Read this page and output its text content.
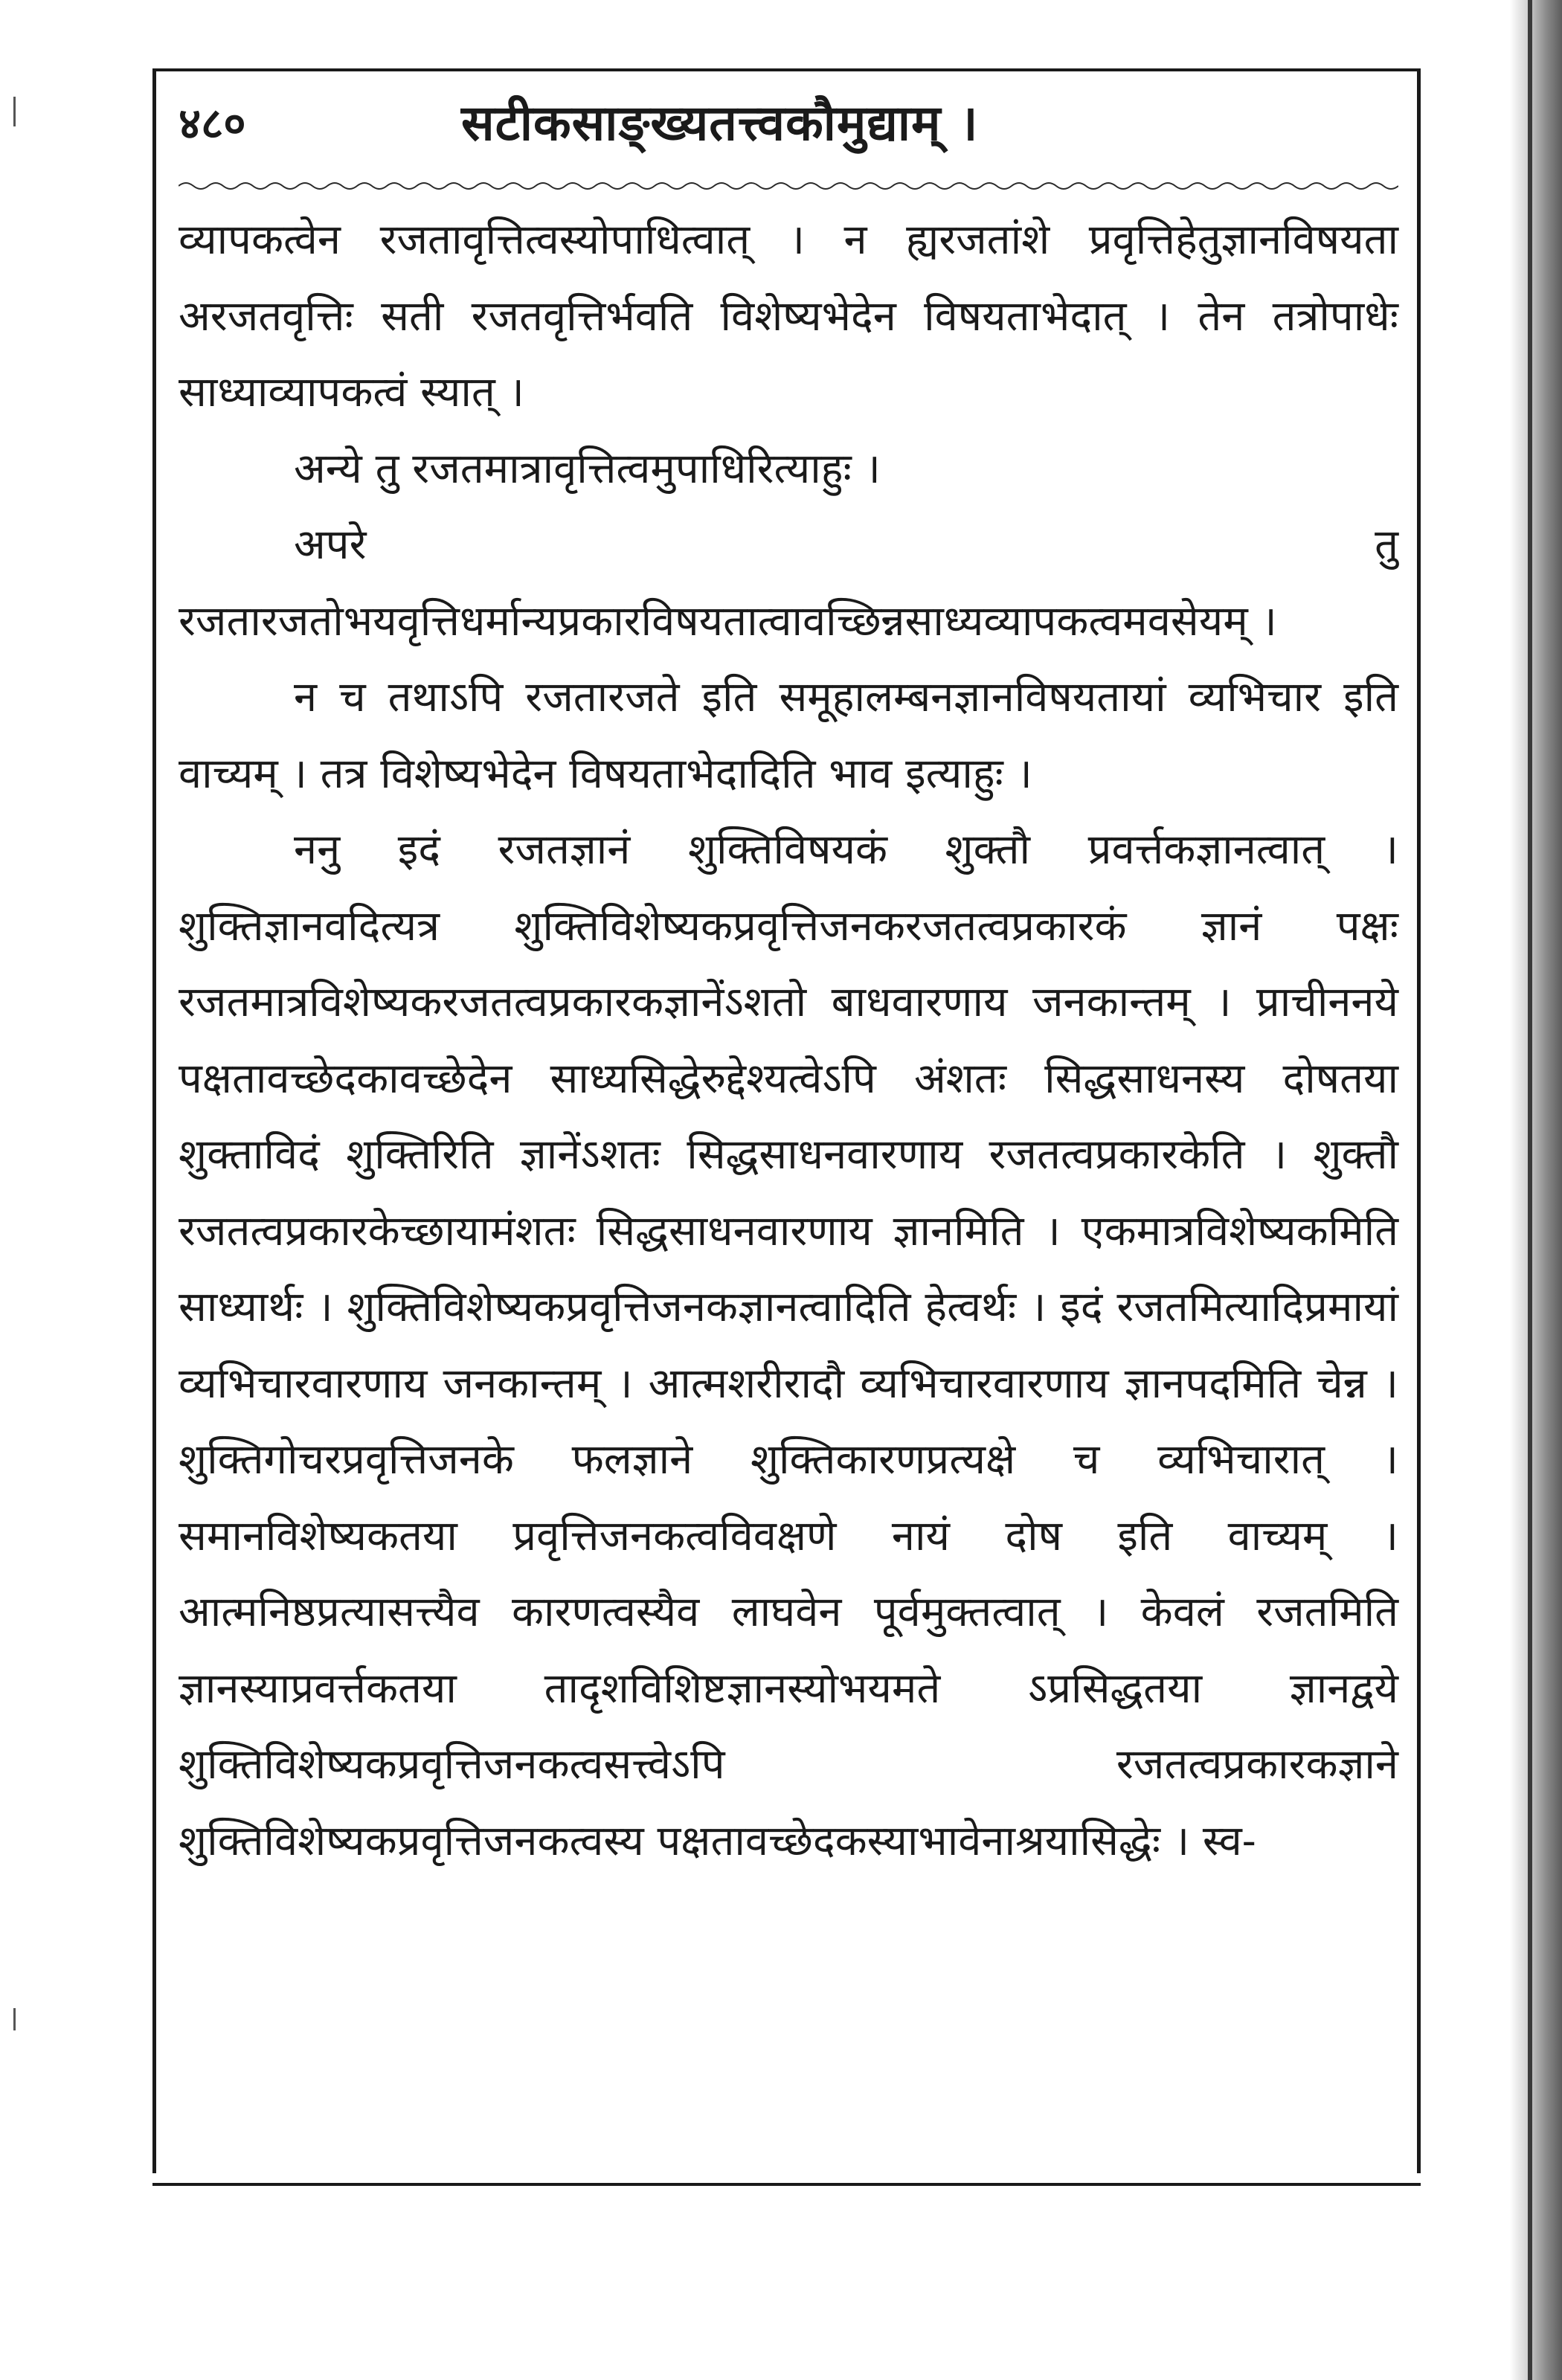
४८०	सटीकसाङ्ख्यतत्त्वकौमुद्याम् ।

व्यापकत्वेन रजतावृत्तित्वस्योपाधित्वात् । न ह्यरजतांशे प्रवृत्तिहेतुज्ञानविषयता अरजतवृत्तिः सती रजतवृत्तिर्भवति विशेष्यभेदेन विषयताभेदात् । तेन तत्रोपाधेः साध्याव्यापकत्वं स्यात् ।

अन्ये तु रजतमात्रावृत्तित्वमुपाधिरित्याहुः ।

अपरे तु रजतारजतोभयवृत्तिधर्मान्यप्रकारविषयतात्वावच्छिन्नसाध्यव्यापकत्वमवसेयम् ।

न च तथाऽपि रजतारजते इति समूहालम्बनज्ञानविषयतायां व्यभिचार इति वाच्यम् । तत्र विशेष्यभेदेन विषयताभेदादिति भाव इत्याहुः ।

ननु इदं रजतज्ञानं शुक्तिविषयकं शुक्तौ प्रवर्त्तकज्ञानत्वात् । शुक्तिज्ञानवदित्यत्र शुक्तिविशेष्यकप्रवृत्तिजनकरजतत्वप्रकारकं ज्ञानं पक्षः रजतमात्रविशेष्यकरजतत्वप्रकारकज्ञानेंऽशतो बाधवारणाय जनकान्तम् । प्राचीननये पक्षतावच्छेदकावच्छेदेन साध्यसिद्धेरुद्देश्यत्वेऽपि अंशतः सिद्धसाधनस्य दोषतया शुक्ताविदं शुक्तिरिति ज्ञानेंऽशतः सिद्धसाधनवारणाय रजतत्वप्रकारकेति । शुक्तौ रजतत्वप्रकारकेच्छायामंशतः सिद्धसाधनवारणाय ज्ञानमिति । एकमात्रविशेष्यकमिति साध्यार्थः । शुक्तिविशेष्यकप्रवृत्तिजनकज्ञानत्वादिति हेत्वर्थः । इदं रजतमित्यादिप्रमायां व्यभिचारवारणाय जनकान्तम् । आत्मशरीरादौ व्यभिचारवारणाय ज्ञानपदमिति चेन्न । शुक्तिगोचरप्रवृत्तिजनके फलज्ञाने शुक्तिकारणप्रत्यक्षे च व्यभिचारात् । समानविशेष्यकतया प्रवृत्तिजनकत्वविवक्षणे नायं दोष इति वाच्यम् । आत्मनिष्ठप्रत्यासत्त्यैव कारणत्वस्यैव लाघवेन पूर्वमुक्तत्वात् । केवलं रजतमिति ज्ञानस्याप्रवर्त्तकतया तादृशविशिष्टज्ञानस्योभयमते ऽप्रसिद्धतया ज्ञानद्वये शुक्तिविशेष्यकप्रवृत्तिजनकत्वसत्त्वेऽपि रजतत्वप्रकारकज्ञाने शुक्तिविशेष्यकप्रवृत्तिजनकत्वस्य पक्षतावच्छेदकस्याभावेनाश्रयासिद्धेः । स्व-
